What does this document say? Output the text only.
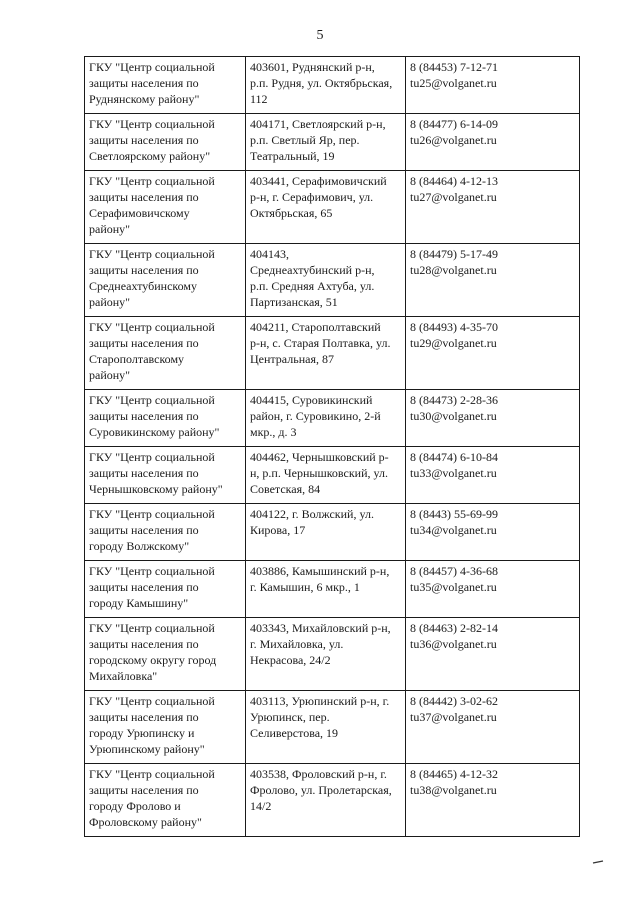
5
ГКУ "Центр социальной
защиты населения по
Руднянскому району"	403601, Руднянский р-н,
р.п. Рудня, ул. Октябрьская,
112	8 (84453) 7-12-71
tu25@volganet.ru

ГКУ "Центр социальной
защиты населения по
Светлоярскому району"	404171, Светлоярский р-н,
р.п. Светлый Яр, пер.
Театральный, 19	8 (84477) 6-14-09
tu26@volganet.ru

ГКУ "Центр социальной
защиты населения по
Серафимовичскому
району"	403441, Серафимовичский
р-н, г. Серафимович, ул.
Октябрьская, 65	8 (84464) 4-12-13
tu27@volganet.ru

ГКУ "Центр социальной
защиты населения по
Среднеахтубинскому
району"	404143,
Среднеахтубинский р-н,
р.п. Средняя Ахтуба, ул.
Партизанская, 51	8 (84479) 5-17-49
tu28@volganet.ru

ГКУ "Центр социальной
защиты населения по
Старополтавскому
району"	404211, Старополтавский
р-н, с. Старая Полтавка, ул.
Центральная, 87	8 (84493) 4-35-70
tu29@volganet.ru

ГКУ "Центр социальной
защиты населения по
Суровикинскому району"	404415, Суровикинский
район, г. Суровикино, 2-й
мкр., д. 3	8 (84473) 2-28-36
tu30@volganet.ru

ГКУ "Центр социальной
защиты населения по
Чернышковскому району"	404462, Чернышковский р-
н, р.п. Чернышковский, ул.
Советская, 84	8 (84474) 6-10-84
tu33@volganet.ru

ГКУ "Центр социальной
защиты населения по
городу Волжскому"	404122, г. Волжский, ул.
Кирова, 17	8 (8443) 55-69-99
tu34@volganet.ru

ГКУ "Центр социальной
защиты населения по
городу Камышину"	403886, Камышинский р-н,
г. Камышин, 6 мкр., 1	8 (84457) 4-36-68
tu35@volganet.ru

ГКУ "Центр социальной
защиты населения по
городскому округу город
Михайловка"	403343, Михайловский р-н,
г. Михайловка, ул.
Некрасова, 24/2	8 (84463) 2-82-14
tu36@volganet.ru

ГКУ "Центр социальной
защиты населения по
городу Урюпинску и
Урюпинскому району"	403113, Урюпинский р-н, г.
Урюпинск, пер.
Селиверстова, 19	8 (84442) 3-02-62
tu37@volganet.ru

ГКУ "Центр социальной
защиты населения по
городу Фролово и
Фроловскому району"	403538, Фроловский р-н, г.
Фролово, ул. Пролетарская,
14/2	8 (84465) 4-12-32
tu38@volganet.ru
